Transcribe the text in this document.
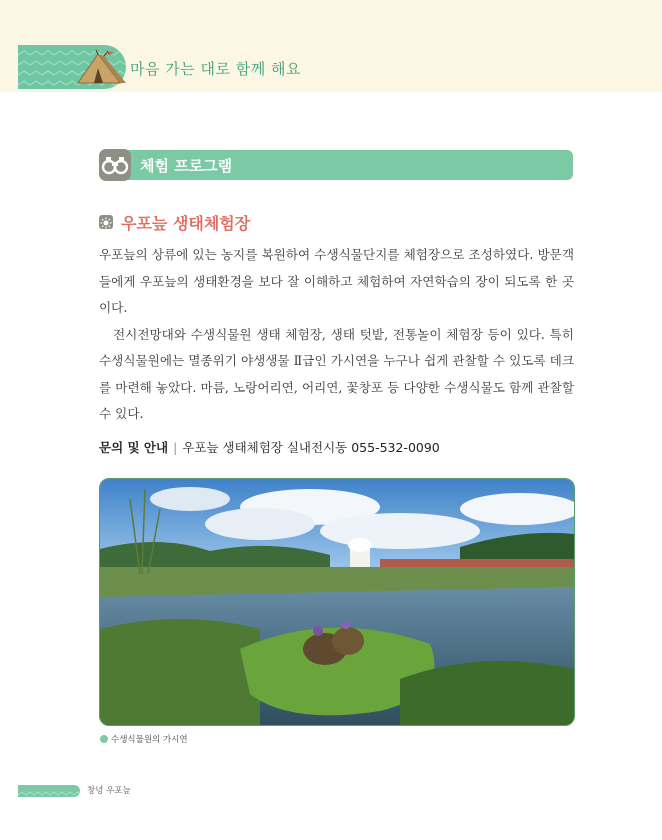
마음 가는 대로 함께 해요
체험 프로그램
우포늪 생태체험장

우포늪의 상류에 있는 농지를 복원하여 수생식물단지를 체험장으로 조성하였다. 방문객들에게 우포늪의 생태환경을 보다 잘 이해하고 체험하여 자연학습의 장이 되도록 한 곳이다.

전시전망대와 수생식물원 생태 체험장, 생태 텃밭, 전통놀이 체험장 등이 있다. 특히 수생식물원에는 멸종위기 야생생물 Ⅱ급인 가시연을 누구나 쉽게 관찰할 수 있도록 데크를 마련해 놓았다. 마름, 노랑어리연, 어리연, 꽃창포 등 다양한 수생식물도 함께 관찰할 수 있다.

문의 및 안내 | 우포늪 생태체험장 실내전시동 055-532-0090
수생식물원의 가시연
창녕 우포늪
